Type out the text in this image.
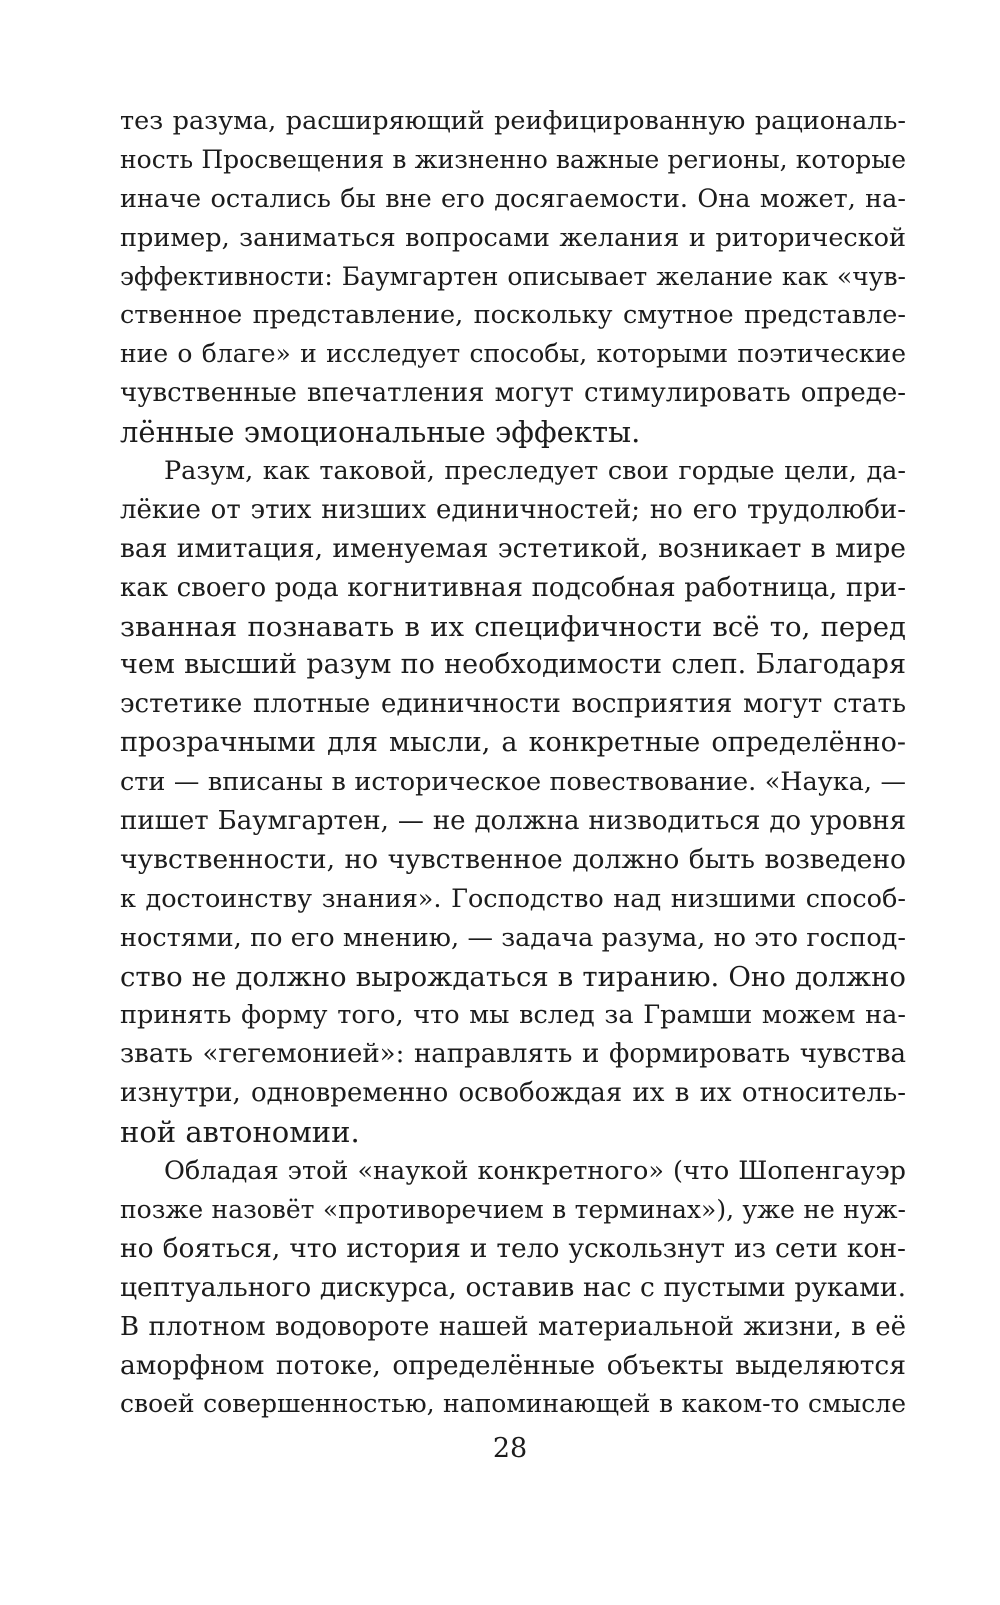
тез разума, расширяющий реифицированную рациональ-
ность Просвещения в жизненно важные регионы, которые
иначе остались бы вне его досягаемости. Она может, на-
пример, заниматься вопросами желания и риторической
эффективности: Баумгартен описывает желание как «чув-
ственное представление, поскольку смутное представле-
ние о благе» и исследует способы, которыми поэтические
чувственные впечатления могут стимулировать опреде-
лённые эмоциональные эффекты.
Разум, как таковой, преследует свои гордые цели, да-
лёкие от этих низших единичностей; но его трудолюби-
вая имитация, именуемая эстетикой, возникает в мире
как своего рода когнитивная подсобная работница, при-
званная познавать в их специфичности всё то, перед
чем высший разум по необходимости слеп. Благодаря
эстетике плотные единичности восприятия могут стать
прозрачными для мысли, а конкретные определённо-
сти — вписаны в историческое повествование. «Наука, —
пишет Баумгартен, — не должна низводиться до уровня
чувственности, но чувственное должно быть возведено
к достоинству знания». Господство над низшими способ-
ностями, по его мнению, — задача разума, но это господ-
ство не должно вырождаться в тиранию. Оно должно
принять форму того, что мы вслед за Грамши можем на-
звать «гегемонией»: направлять и формировать чувства
изнутри, одновременно освобождая их в их относитель-
ной автономии.
Обладая этой «наукой конкретного» (что Шопенгауэр
позже назовёт «противоречием в терминах»), уже не нуж-
но бояться, что история и тело ускользнут из сети кон-
цептуального дискурса, оставив нас с пустыми руками.
В плотном водовороте нашей материальной жизни, в её
аморфном потоке, определённые объекты выделяются
своей совершенностью, напоминающей в каком-то смысле
28
